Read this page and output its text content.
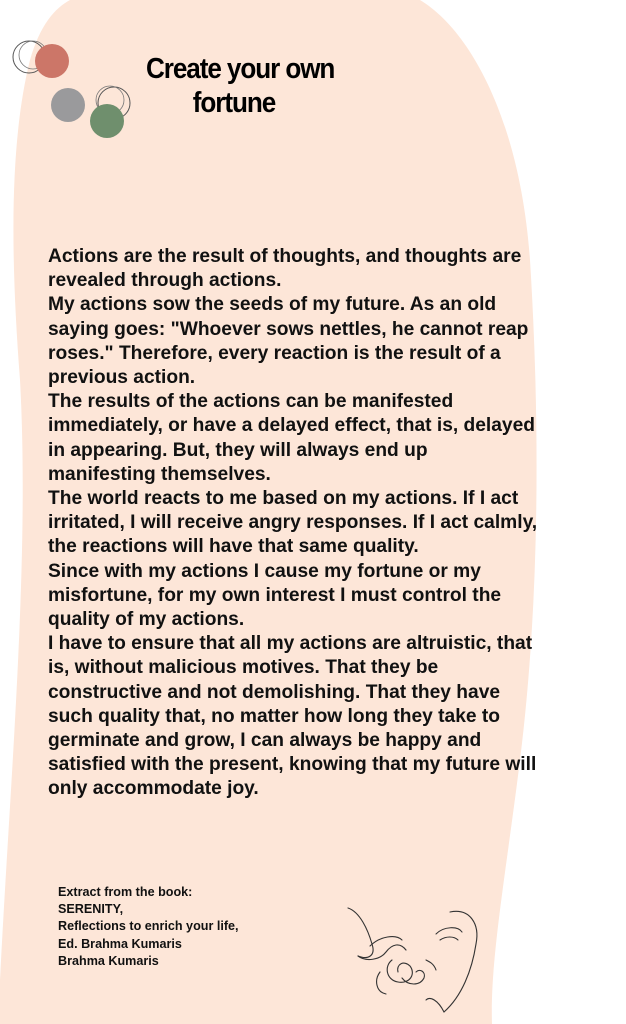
Create your own
fortune

Actions are the result of thoughts, and thoughts are revealed through actions.

My actions sow the seeds of my future. As an old saying goes: "Whoever sows nettles, he cannot reap roses." Therefore, every reaction is the result of a previous action.

The results of the actions can be manifested immediately, or have a delayed effect, that is, delayed in appearing. But, they will always end up manifesting themselves.

The world reacts to me based on my actions. If I act irritated, I will receive angry responses. If I act calmly, the reactions will have that same quality.

Since with my actions I cause my fortune or my misfortune, for my own interest I must control the quality of my actions.

I have to ensure that all my actions are altruistic, that is, without malicious motives. That they be constructive and not demolishing. That they have such quality that, no matter how long they take to germinate and grow, I can always be happy and satisfied with the present, knowing that my future will only accommodate joy.

Extract from the book:
SERENITY,
Reflections to enrich your life,
Ed. Brahma Kumaris
Brahma Kumaris
